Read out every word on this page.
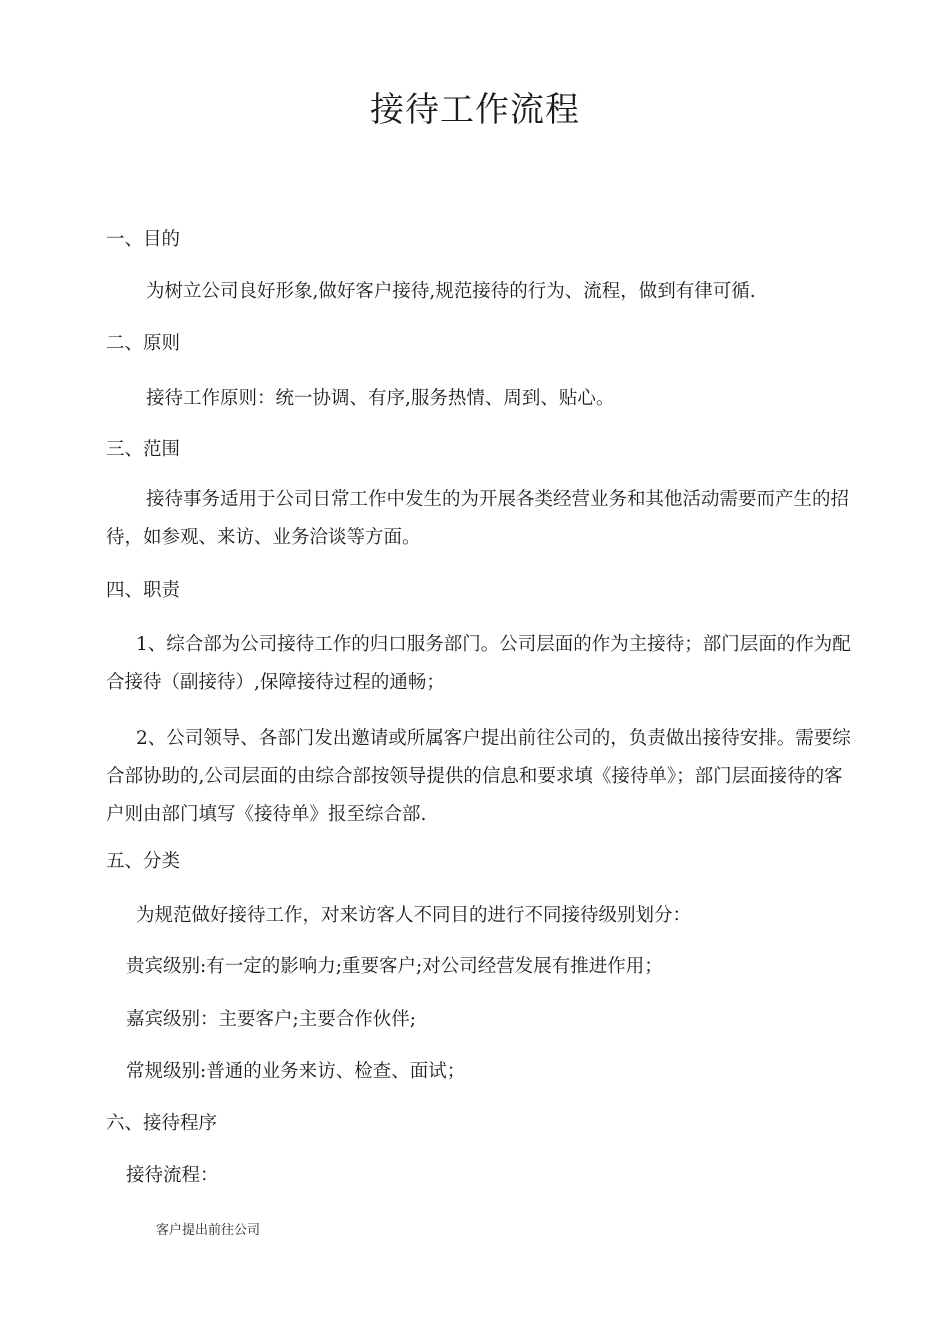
接待工作流程
一、目的
为树立公司良好形象,做好客户接待,规范接待的行为、流程，做到有律可循.
二、原则
接待工作原则：统一协调、有序,服务热情、周到、贴心。
三、范围
接待事务适用于公司日常工作中发生的为开展各类经营业务和其他活动需要而产生的招待，如参观、来访、业务洽谈等方面。
四、职责
1、综合部为公司接待工作的归口服务部门。公司层面的作为主接待；部门层面的作为配合接待（副接待）,保障接待过程的通畅；
2、公司领导、各部门发出邀请或所属客户提出前往公司的，负责做出接待安排。需要综合部协助的,公司层面的由综合部按领导提供的信息和要求填《接待单》；部门层面接待的客户则由部门填写《接待单》报至综合部.
五、分类
为规范做好接待工作，对来访客人不同目的进行不同接待级别划分：
贵宾级别:有一定的影响力;重要客户;对公司经营发展有推进作用；
嘉宾级别：主要客户;主要合作伙伴;
常规级别:普通的业务来访、检查、面试；
六、接待程序
接待流程：
客户提出前往公司
